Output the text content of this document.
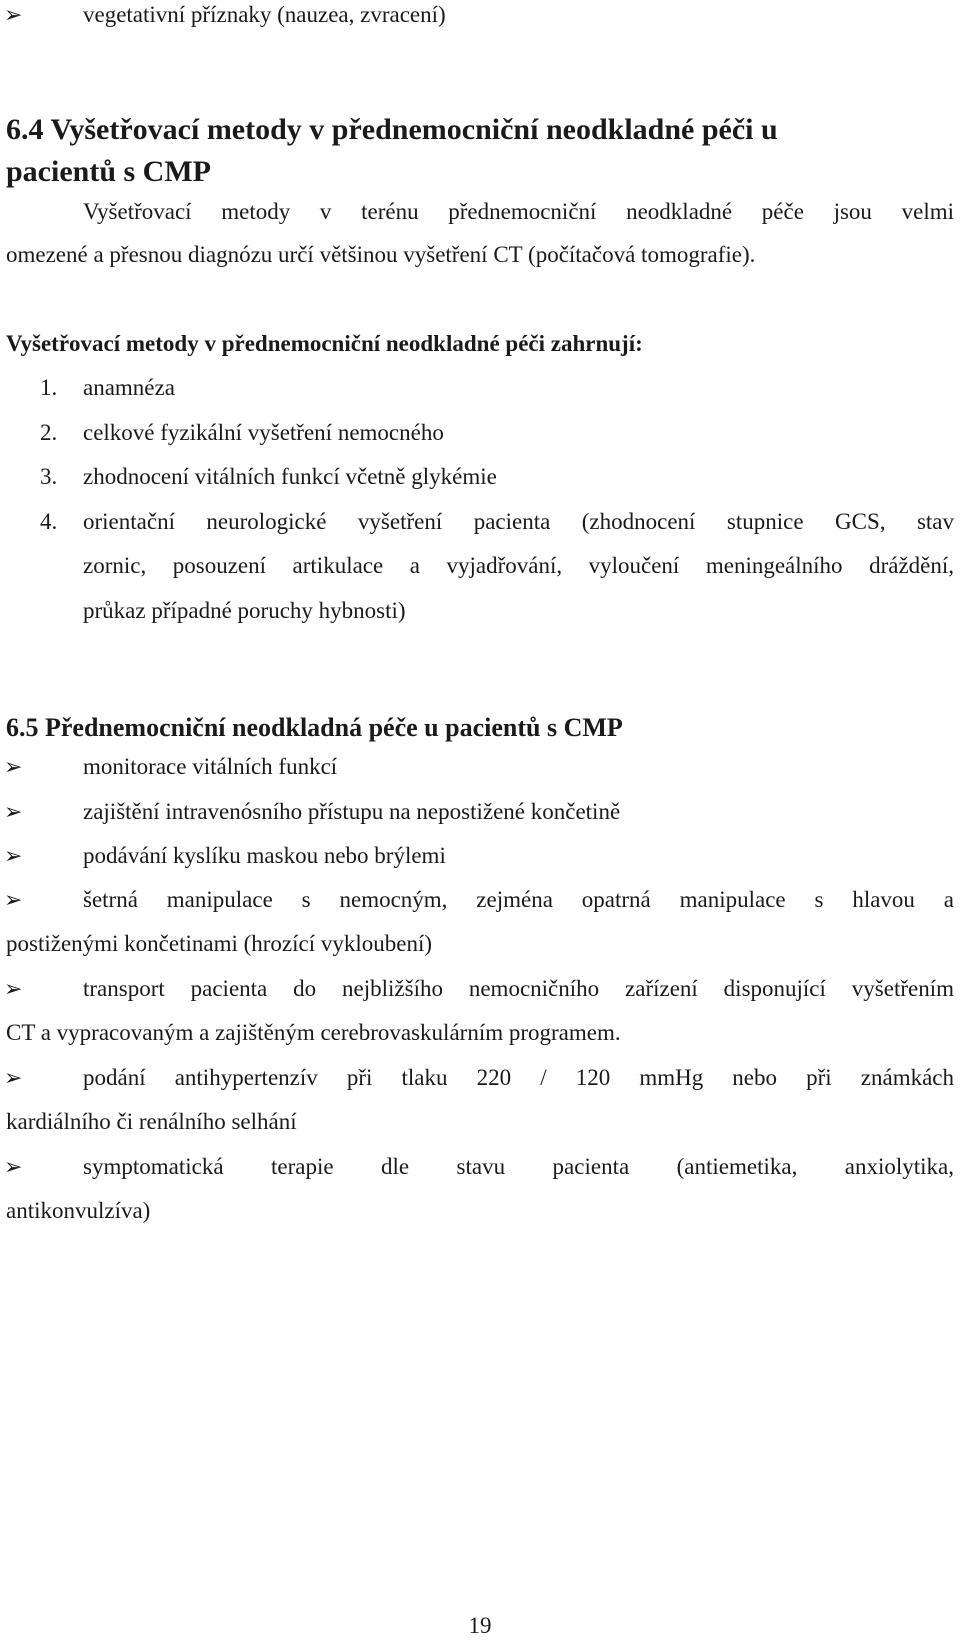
➢	vegetativní příznaky (nauzea, zvracení)
6.4 Vyšetřovací metody v přednemocniční neodkladné péči u
pacientů s CMP
Vyšetřovací metody v terénu přednemocniční neodkladné péče jsou velmi
omezené a přesnou diagnózu určí většinou vyšetření CT (počítačová tomografie).
Vyšetřovací metody v přednemocniční neodkladné péči zahrnují:
1. anamnéza
2. celkové fyzikální vyšetření nemocného
3. zhodnocení vitálních funkcí včetně glykémie
4. orientační neurologické vyšetření pacienta (zhodnocení stupnice GCS, stav
zornic, posouzení artikulace a vyjadřování, vyloučení meningeálního dráždění,
průkaz případné poruchy hybnosti)
6.5 Přednemocniční neodkladná péče u pacientů s CMP
➢	monitorace vitálních funkcí
➢	zajištění intravenósního přístupu na nepostižené končetině
➢	podávání kyslíku maskou nebo brýlemi
➢	šetrná manipulace s nemocným, zejména opatrná manipulace s hlavou a
postiženými končetinami (hrozící vykloubení)
➢	transport pacienta do nejbližšího nemocničního zařízení disponující vyšetřením
CT a vypracovaným a zajištěným cerebrovaskulárním programem.
➢	podání antihypertenzív při tlaku 220 / 120 mmHg nebo při známkách
kardiálního či renálního selhání
➢	symptomatická terapie dle stavu pacienta (antiemetika, anxiolytika,
antikonvulzíva)
19
